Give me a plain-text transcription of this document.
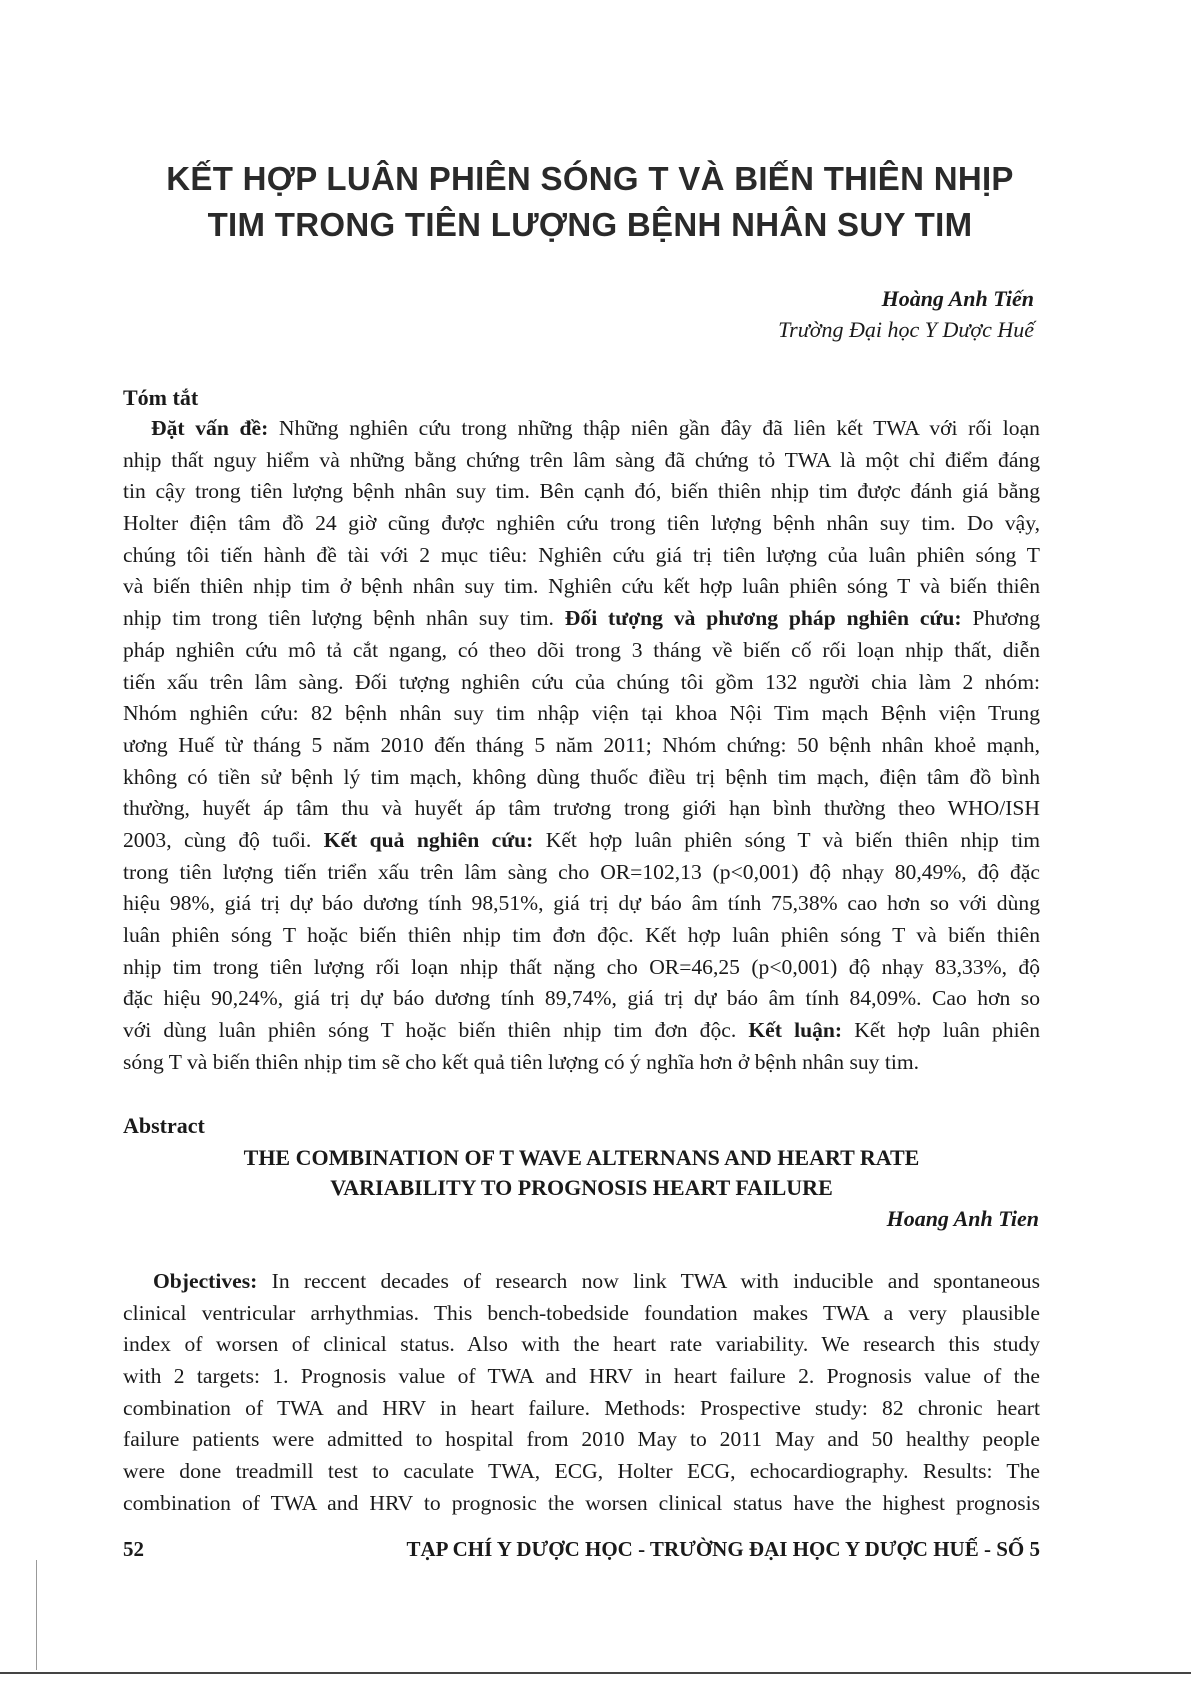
KẾT HỢP LUÂN PHIÊN SÓNG T VÀ BIẾN THIÊN NHỊP
TIM TRONG TIÊN LƯỢNG BỆNH NHÂN SUY TIM
Hoàng Anh Tiến
Trường Đại học Y Dược Huế
Tóm tắt
Đặt vấn đề: Những nghiên cứu trong những thập niên gần đây đã liên kết TWA với rối loạn
nhịp thất nguy hiểm và những bằng chứng trên lâm sàng đã chứng tỏ TWA là một chỉ điểm đáng
tin cậy trong tiên lượng bệnh nhân suy tim. Bên cạnh đó, biến thiên nhịp tim được đánh giá bằng
Holter điện tâm đồ 24 giờ cũng được nghiên cứu trong tiên lượng bệnh nhân suy tim. Do vậy,
chúng tôi tiến hành đề tài với 2 mục tiêu: Nghiên cứu giá trị tiên lượng của luân phiên sóng T
và biến thiên nhịp tim ở bệnh nhân suy tim. Nghiên cứu kết hợp luân phiên sóng T và biến thiên
nhịp tim trong tiên lượng bệnh nhân suy tim. Đối tượng và phương pháp nghiên cứu: Phương
pháp nghiên cứu mô tả cắt ngang, có theo dõi trong 3 tháng về biến cố rối loạn nhịp thất, diễn
tiến xấu trên lâm sàng. Đối tượng nghiên cứu của chúng tôi gồm 132 người chia làm 2 nhóm:
Nhóm nghiên cứu: 82 bệnh nhân suy tim nhập viện tại khoa Nội Tim mạch Bệnh viện Trung
ương Huế từ tháng 5 năm 2010 đến tháng 5 năm 2011; Nhóm chứng: 50 bệnh nhân khoẻ mạnh,
không có tiền sử bệnh lý tim mạch, không dùng thuốc điều trị bệnh tim mạch, điện tâm đồ bình
thường, huyết áp tâm thu và huyết áp tâm trương trong giới hạn bình thường theo WHO/ISH
2003, cùng độ tuổi. Kết quả nghiên cứu: Kết hợp luân phiên sóng T và biến thiên nhịp tim
trong tiên lượng tiến triển xấu trên lâm sàng cho OR=102,13 (p<0,001) độ nhạy 80,49%, độ đặc
hiệu 98%, giá trị dự báo dương tính 98,51%, giá trị dự báo âm tính 75,38% cao hơn so với dùng
luân phiên sóng T hoặc biến thiên nhịp tim đơn độc. Kết hợp luân phiên sóng T và biến thiên
nhịp tim trong tiên lượng rối loạn nhịp thất nặng cho OR=46,25 (p<0,001) độ nhạy 83,33%, độ
đặc hiệu 90,24%, giá trị dự báo dương tính 89,74%, giá trị dự báo âm tính 84,09%. Cao hơn so
với dùng luân phiên sóng T hoặc biến thiên nhịp tim đơn độc. Kết luận: Kết hợp luân phiên
sóng T và biến thiên nhịp tim sẽ cho kết quả tiên lượng có ý nghĩa hơn ở bệnh nhân suy tim.
Abstract
THE COMBINATION OF T WAVE ALTERNANS AND HEART RATE
VARIABILITY TO PROGNOSIS HEART FAILURE
Hoang Anh Tien
Objectives: In reccent decades of research now link TWA with inducible and spontaneous
clinical ventricular arrhythmias. This bench-tobedside foundation makes TWA a very plausible
index of worsen of clinical status. Also with the heart rate variability. We research this study
with 2 targets: 1. Prognosis value of TWA and HRV in heart failure 2. Prognosis value of the
combination of TWA and HRV in heart failure. Methods: Prospective study: 82 chronic heart
failure patients were admitted to hospital from 2010 May to 2011 May and 50 healthy people
were done treadmill test to caculate TWA, ECG, Holter ECG, echocardiography. Results: The
combination of TWA and HRV to prognosic the worsen clinical status have the highest prognosis
52	TẠP CHÍ Y DƯỢC HỌC - TRƯỜNG ĐẠI HỌC Y DƯỢC HUẾ - SỐ 5
